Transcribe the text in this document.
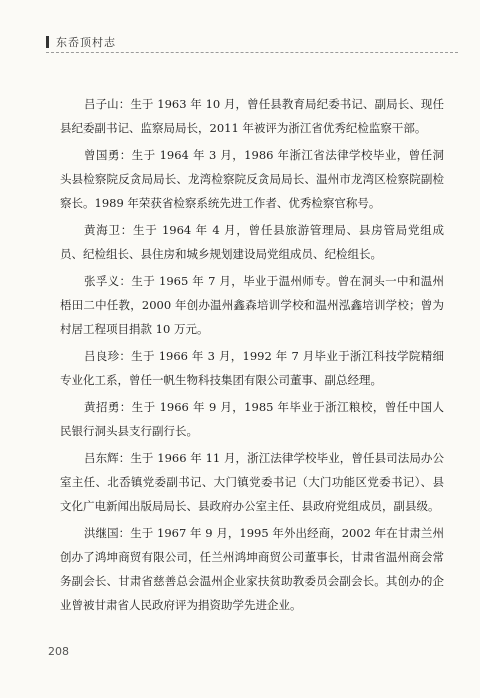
东岙顶村志

吕子山：生于 1963 年 10 月，曾任县教育局纪委书记、副局长、现任县纪委副书记、监察局局长，2011 年被评为浙江省优秀纪检监察干部。

曾国勇：生于 1964 年 3 月，1986 年浙江省法律学校毕业，曾任洞头县检察院反贪局局长、龙湾检察院反贪局局长、温州市龙湾区检察院副检察长。1989 年荣获省检察系统先进工作者、优秀检察官称号。

黄海卫：生于 1964 年 4 月，曾任县旅游管理局、县房管局党组成员、纪检组长、县住房和城乡规划建设局党组成员、纪检组长。

张孚义：生于 1965 年 7 月，毕业于温州师专。曾在洞头一中和温州梧田二中任教，2000 年创办温州鑫森培训学校和温州泓鑫培训学校；曾为村居工程项目捐款 10 万元。

吕良珍：生于 1966 年 3 月，1992 年 7 月毕业于浙江科技学院精细专业化工系，曾任一帆生物科技集团有限公司董事、副总经理。

黄招勇：生于 1966 年 9 月，1985 年毕业于浙江粮校，曾任中国人民银行洞头县支行副行长。

吕东辉：生于 1966 年 11 月，浙江法律学校毕业，曾任县司法局办公室主任、北岙镇党委副书记、大门镇党委书记（大门功能区党委书记）、县文化广电新闻出版局局长、县政府办公室主任、县政府党组成员，副县级。

洪继国：生于 1967 年 9 月，1995 年外出经商，2002 年在甘肃兰州创办了鸿坤商贸有限公司，任兰州鸿坤商贸公司董事长，甘肃省温州商会常务副会长、甘肃省慈善总会温州企业家扶贫助教委员会副会长。其创办的企业曾被甘肃省人民政府评为捐资助学先进企业。

208
